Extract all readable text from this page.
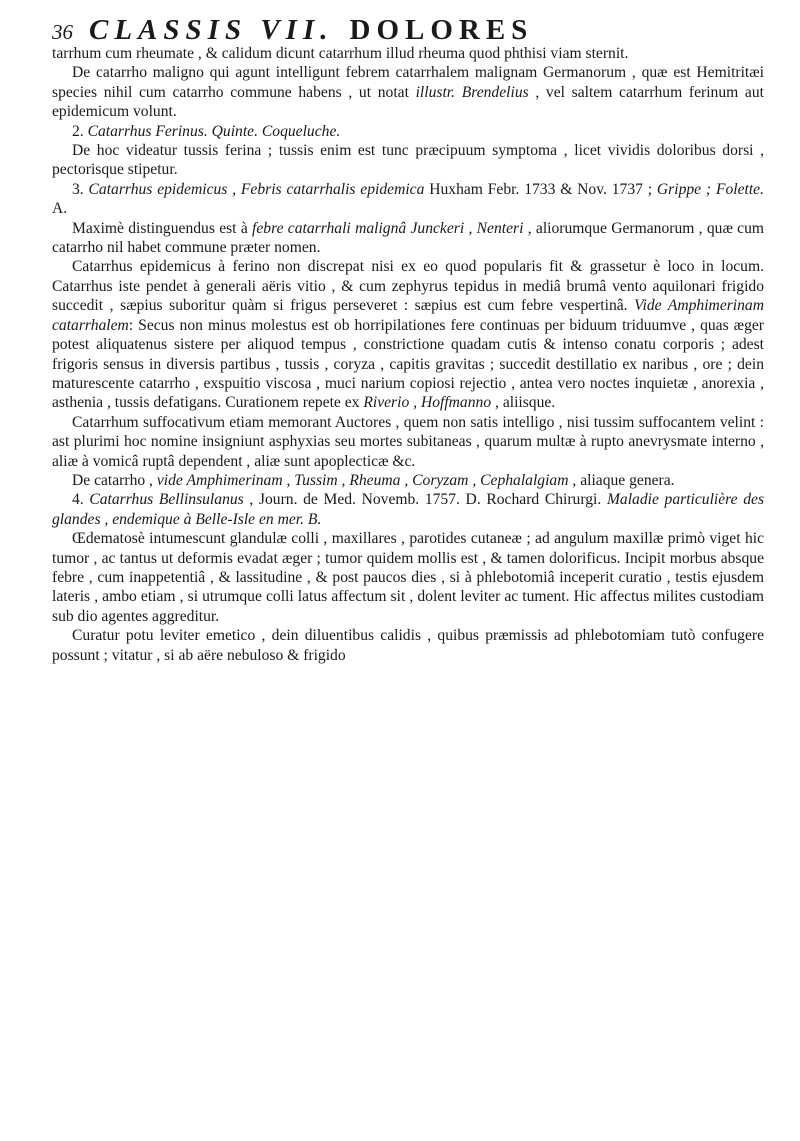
36 CLASSIS VII. DOLORES

tarrhum cum rheumate , & calidum dicunt catarrhum illud rheuma quod phthisi viam sternit.

De catarrho maligno qui agunt intelligunt febrem catarrhalem malignam Germanorum , quæ est Hemitritæi species nihil cum catarrho commune habens , ut notat illustr. Brendelius , vel saltem catarrhum ferinum aut epidemicum volunt.

2. Catarrhus Ferinus. Quinte. Coqueluche.

De hoc videatur tussis ferina ; tussis enim est tunc præcipuum symptoma , licet vividis doloribus dorsi , pectorisque stipetur.

3. Catarrhus epidemicus , Febris catarrhalis epidemica Huxham Febr. 1733 & Nov. 1737 ; Grippe ; Folette. A.

Maximè distinguendus est à febre catarrhali malignâ Junckeri , Nenteri , aliorumque Germanorum , quæ cum catarrho nil habet commune præter nomen.

Catarrhus epidemicus à ferino non discrepat nisi ex eo quod popularis fit & grassetur è loco in locum. Catarrhus iste pendet à generali aëris vitio , & cum zephyrus tepidus in mediâ brumâ vento aquilonari frigido succedit , sæpius suboritur quàm si frigus perseveret : sæpius est cum febre vespertinâ. Vide Amphimerinam catarrhalem: Secus non minus molestus est ob horripilationes fere continuas per biduum triduumve , quas æger potest aliquatenus sistere per aliquod tempus , constrictione quadam cutis & intenso conatu corporis ; adest frigoris sensus in diversis partibus , tussis , coryza , capitis gravitas ; succedit destillatio ex naribus , ore ; dein maturescente catarrho , exspuitio viscosa , muci narium copiosi rejectio , antea vero noctes inquietæ , anorexia , asthenia , tussis defatigans. Curationem repete ex Riverio , Hoffmanno , aliisque.

Catarrhum suffocativum etiam memorant Auctores , quem non satis intelligo , nisi tussim suffocantem velint : ast plurimi hoc nomine insigniunt asphyxias seu mortes subitaneas , quarum multæ à rupto anevrysmate interno , aliæ à vomicâ ruptâ dependent , aliæ sunt apoplecticæ &c.

De catarrho , vide Amphimerinam , Tussim , Rheuma , Coryzam , Cephalalgiam , aliaque genera.

4. Catarrhus Bellinsulanus , Journ. de Med. Novemb. 1757. D. Rochard Chirurgi. Maladie particulière des glandes , endemique à Belle-Isle en mer. B.

Œdematosè intumescunt glandulæ colli , maxillares , parotides cutaneæ ; ad angulum maxillæ primò viget hic tumor , ac tantus ut deformis evadat æger ; tumor quidem mollis est , & tamen dolorificus. Incipit morbus absque febre , cum inappetentiâ , & lassitudine , & post paucos dies , si à phlebotomiâ inceperit curatio , testis ejusdem lateris , ambo etiam , si utrumque colli latus affectum sit , dolent leviter ac tument. Hic affectus milites custodiam sub dio agentes aggreditur.

Curatur potu leviter emetico , dein diluentibus calidis , quibus præmissis ad phlebotomiam tutò confugere possunt ; vitatur , si ab aëre nebuloso & frigido
